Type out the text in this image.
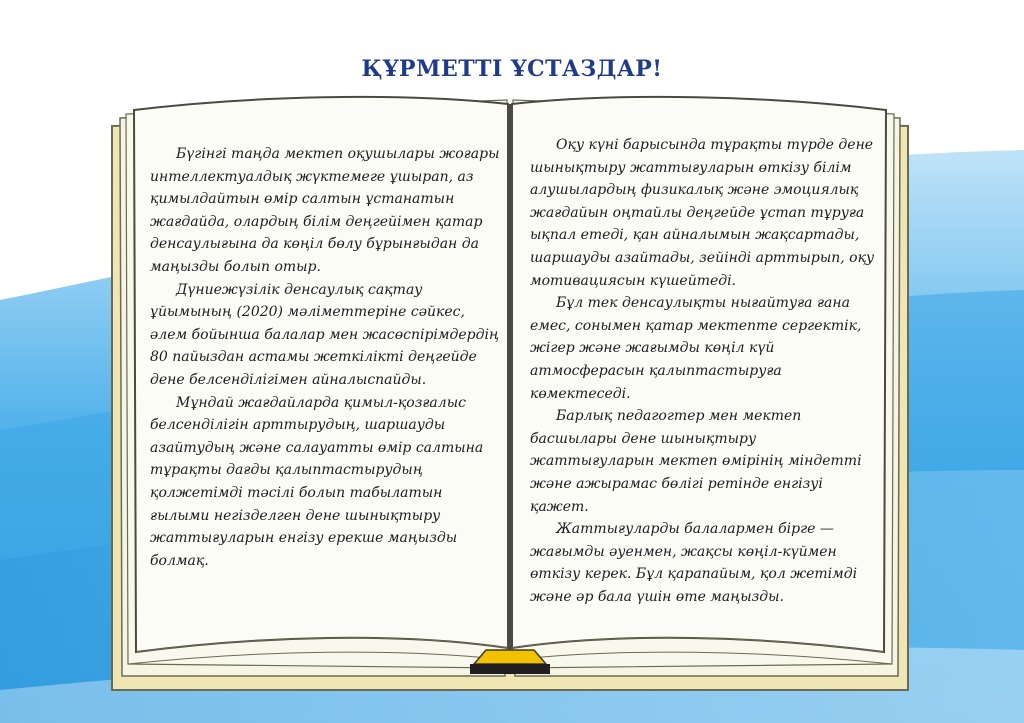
ҚҰРМЕТТІ ҰСТАЗДАР!

Бүгінгі таңда мектеп оқушылары жоғары интеллектуалдық жүктемеге ұшырап, аз қимылдайтын өмір салтын ұстанатын жағдайда, олардың білім деңгейімен қатар денсаулығына да көңіл бөлу бұрынғыдан да маңызды болып отыр.

Дүниежүзілік денсаулық сақтау ұйымының (2020) мәліметтеріне сәйкес, әлем бойынша балалар мен жасөспірімдердің 80 пайыздан астамы жеткілікті деңгейде дене белсенділігімен айналыспайды.

Мұндай жағдайларда қимыл-қозғалыс белсенділігін арттырудың, шаршауды азайтудың және салауатты өмір салтына тұрақты дағды қалыптастырудың қолжетімді тәсілі болып табылатын ғылыми негізделген дене шынықтыру жаттығуларын енгізу ерекше маңызды болмақ.

Оқу күні барысында тұрақты түрде дене шынықтыру жаттығуларын өткізу білім алушылардың физикалық және эмоциялық жағдайын оңтайлы деңгейде ұстап тұруға ықпал етеді, қан айналымын жақсартады, шаршауды азайтады, зейінді арттырып, оқу мотивациясын күшейтеді.

Бұл тек денсаулықты нығайтуға ғана емес, сонымен қатар мектепте сергектік, жігер және жағымды көңіл күй атмосферасын қалыптастыруға көмектеседі.

Барлық педагогтер мен мектеп басшылары дене шынықтыру жаттығуларын мектеп өмірінің міндетті және ажырамас бөлігі ретінде енгізуі қажет.

Жаттығуларды балалармен бірге — жағымды әуенмен, жақсы көңіл-күймен өткізу керек. Бұл қарапайым, қол жетімді және әр бала үшін өте маңызды.
